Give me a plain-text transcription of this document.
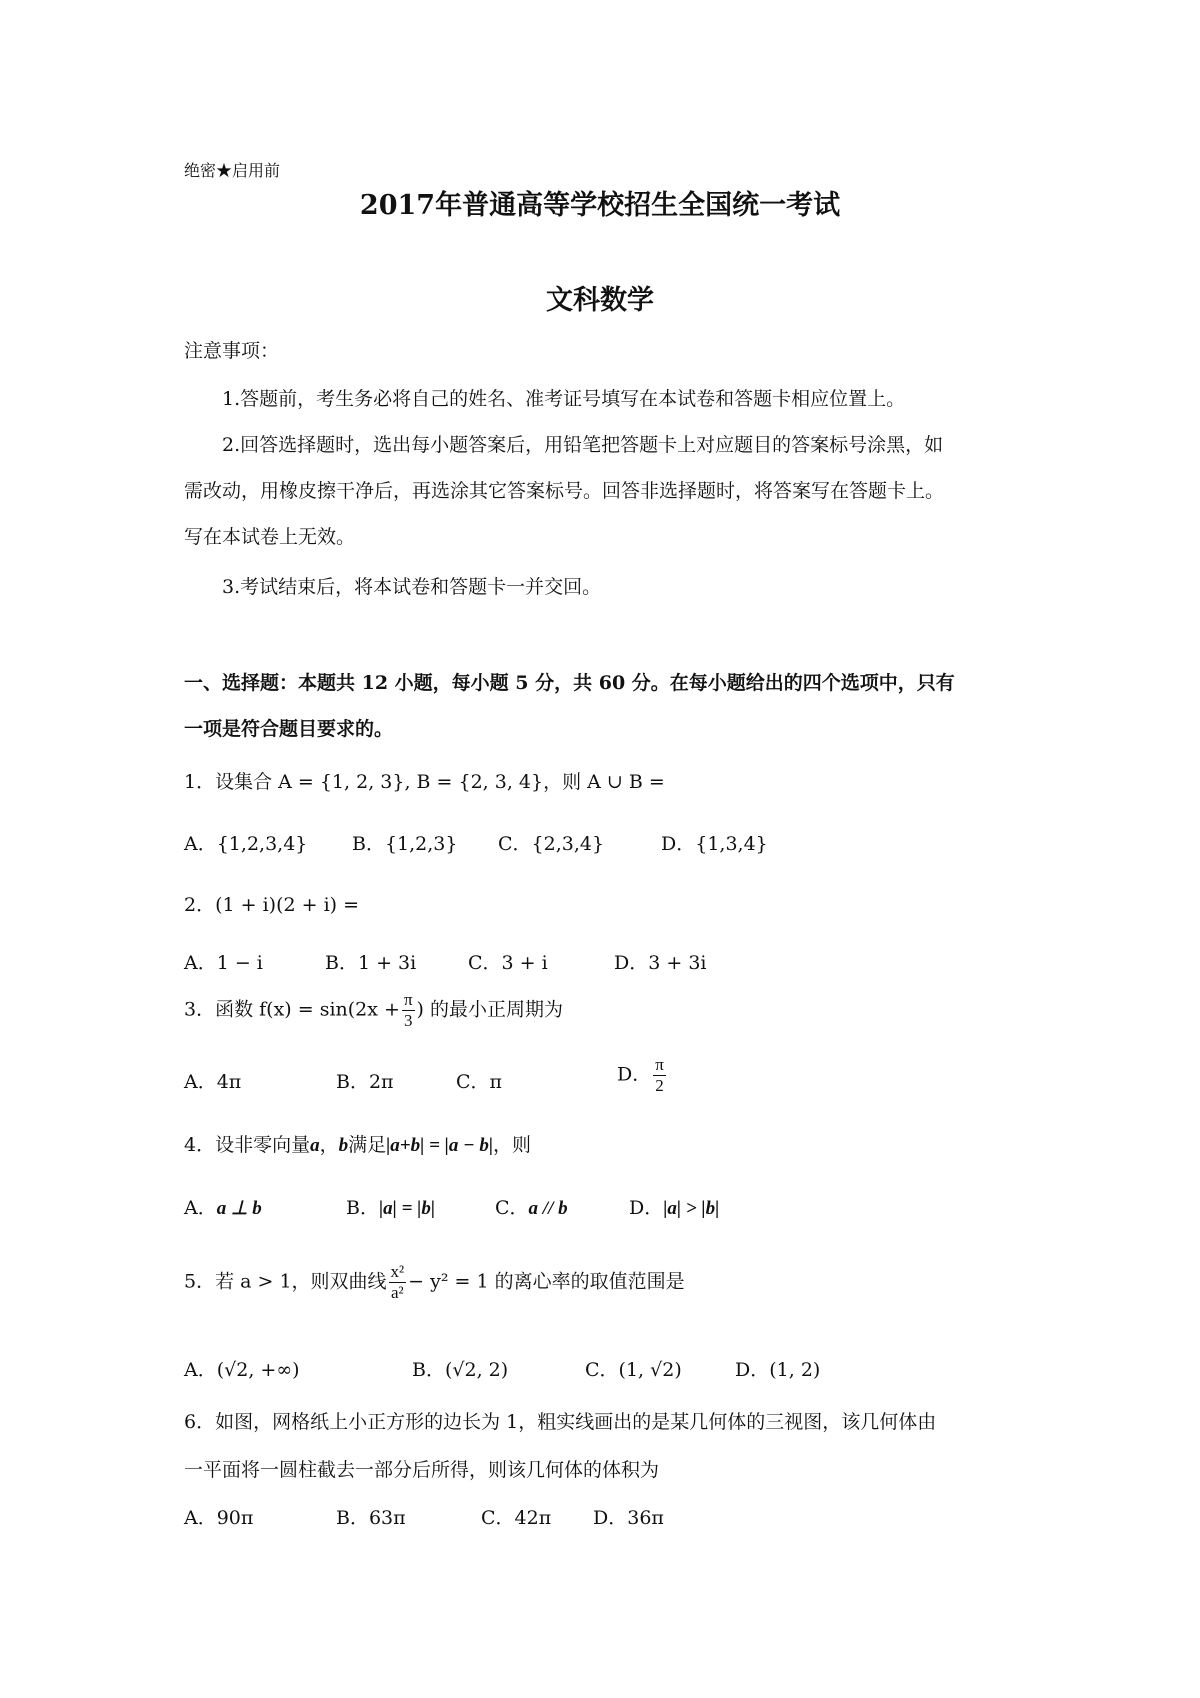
绝密★启用前
2017年普通高等学校招生全国统一考试
文科数学
注意事项：
1.答题前，考生务必将自己的姓名、准考证号填写在本试卷和答题卡相应位置上。
2.回答选择题时，选出每小题答案后，用铅笔把答题卡上对应题目的答案标号涂黑，如
需改动，用橡皮擦干净后，再选涂其它答案标号。回答非选择题时，将答案写在答题卡上。
写在本试卷上无效。
3.考试结束后，将本试卷和答题卡一并交回。
一、选择题：本题共 12 小题，每小题 5 分，共 60 分。在每小题给出的四个选项中，只有
一项是符合题目要求的。
1．设集合 A = {1, 2, 3}, B = {2, 3, 4}，则 A ∪ B =
A．{1,2,3,4} B．{1,2,3} C．{2,3,4}	D．{1,3,4}
2．(1 + i)(2 + i) =
A．1 − i	B．1 + 3i	C．3 + i	D．3 + 3i
3．函数 $f(x) = \sin(2x + \frac{\pi}{3}$ ) 的最小正周期为
A．4π	B．2π	C．π	D． $\frac{\pi}{2}$
4．设非零向量a，b满足|a+b| = |a − b|，则
A．a ⊥ b	B．|a| = |b|	C．a // b	D．|a| > |b|
5．若 a > 1，则双曲线 $\frac{\text{x²}}{\text{a²}} - y^2 = 1$ 的离心率的取值范围是
A．(√2, +∞)	B．(√2, 2)	C．(1, √2)	D．(1, 2)
6．如图，网格纸上小正方形的边长为 1，粗实线画出的是某几何体的三视图，该几何体由
一平面将一圆柱截去一部分后所得，则该几何体的体积为
A．90π	B．63π	C．42π D．36π
